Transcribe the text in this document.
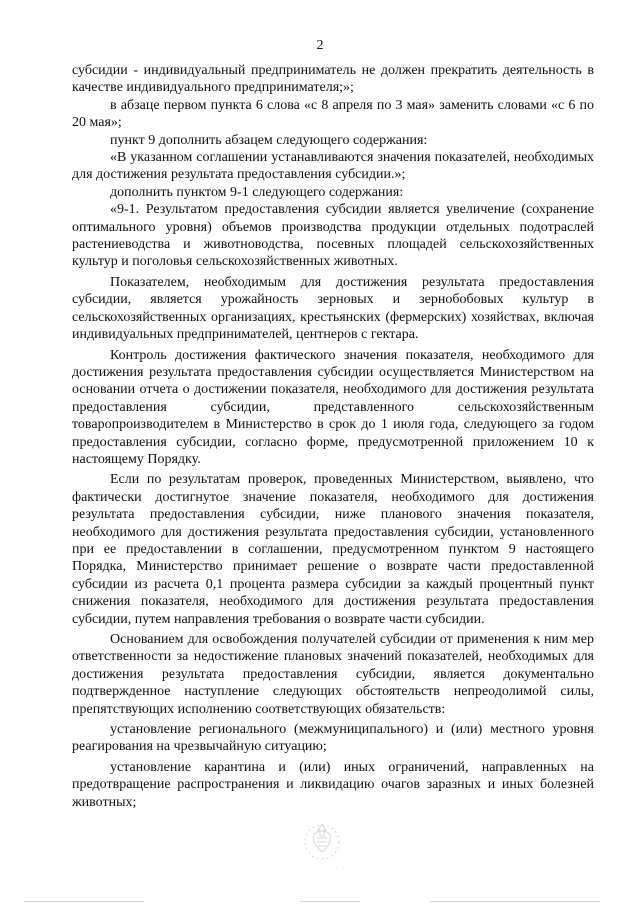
2

субсидии - индивидуальный предприниматель не должен прекратить деятельность в качестве индивидуального предпринимателя;»;

в абзаце первом пункта 6 слова «с 8 апреля по 3 мая» заменить словами «с 6 по 20 мая»;

пункт 9 дополнить абзацем следующего содержания:

«В указанном соглашении устанавливаются значения показателей, необходимых для достижения результата предоставления субсидии.»;

дополнить пунктом 9-1 следующего содержания:

«9-1. Результатом предоставления субсидии является увеличение (сохранение оптимального уровня) объемов производства продукции отдельных подотраслей растениеводства и животноводства, посевных площадей сельскохозяйственных культур и поголовья сельскохозяйственных животных.

Показателем, необходимым для достижения результата предоставления субсидии, является урожайность зерновых и зернобобовых культур в сельскохозяйственных организациях, крестьянских (фермерских) хозяйствах, включая индивидуальных предпринимателей, центнеров с гектара.

Контроль достижения фактического значения показателя, необходимого для достижения результата предоставления субсидии осуществляется Министерством на основании отчета о достижении показателя, необходимого для достижения результата предоставления субсидии, представленного сельскохозяйственным товаропроизводителем в Министерство в срок до 1 июля года, следующего за годом предоставления субсидии, согласно форме, предусмотренной приложением 10 к настоящему Порядку.

Если по результатам проверок, проведенных Министерством, выявлено, что фактически достигнутое значение показателя, необходимого для достижения результата предоставления субсидии, ниже планового значения показателя, необходимого для достижения результата предоставления субсидии, установленного при ее предоставлении в соглашении, предусмотренном пунктом 9 настоящего Порядка, Министерство принимает решение о возврате части предоставленной субсидии из расчета 0,1 процента размера субсидии за каждый процентный пункт снижения показателя, необходимого для достижения результата предоставления субсидии, путем направления требования о возврате части субсидии.

Основанием для освобождения получателей субсидии от применения к ним мер ответственности за недостижение плановых значений показателей, необходимых для достижения результата предоставления субсидии, является документально подтвержденное наступление следующих обстоятельств непреодолимой силы, препятствующих исполнению соответствующих обязательств:

установление регионального (межмуниципального) и (или) местного уровня реагирования на чрезвычайную ситуацию;

установление карантина и (или) иных ограничений, направленных на предотвращение распространения и ликвидацию очагов заразных и иных болезней животных;

· · · · · ·
